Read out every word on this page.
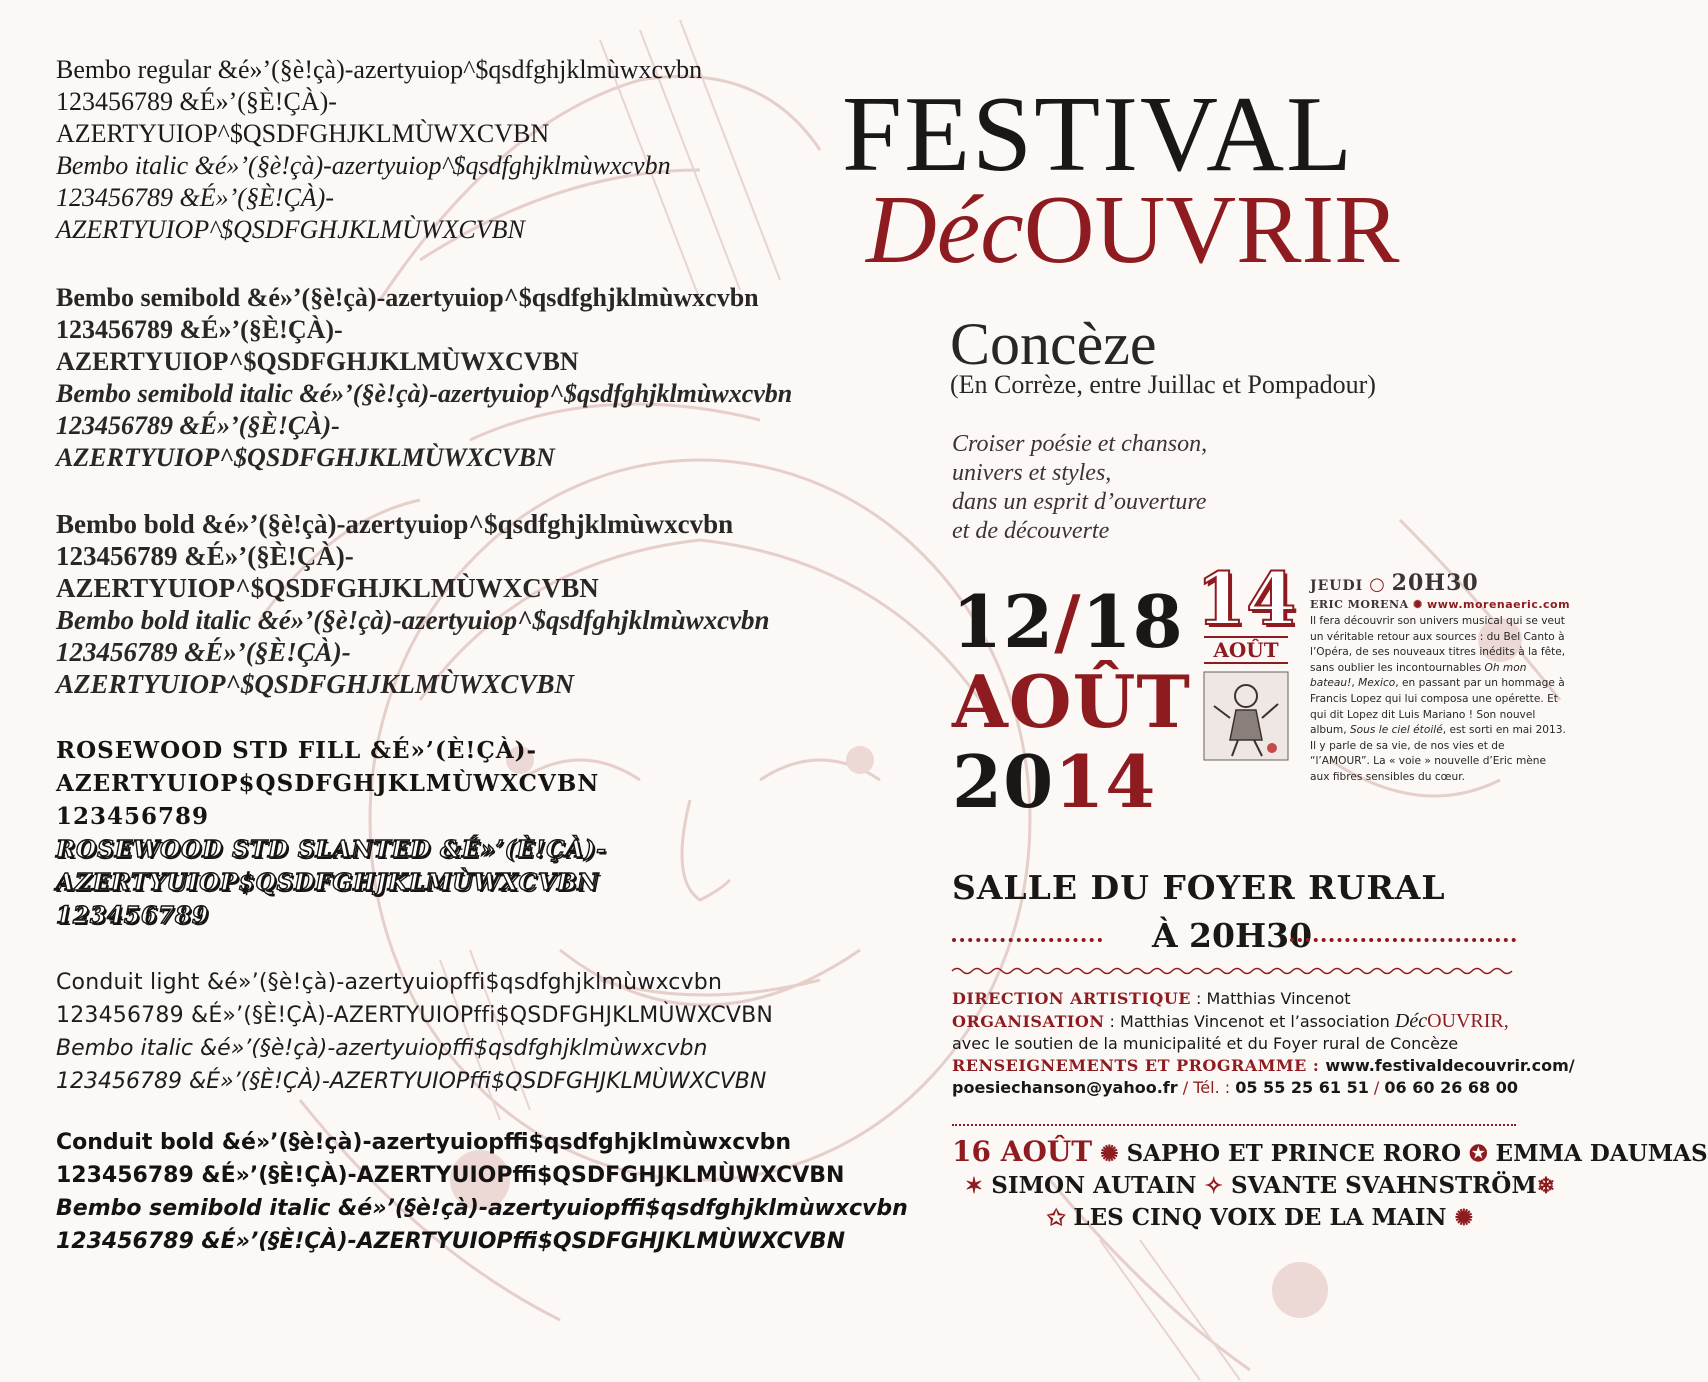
Bembo regular &é»’(§è!çà)-azertyuiop^$qsdfghjklmùwxcvbn
123456789 &É»’(§È!ÇÀ)-
AZERTYUIOP^$QSDFGHJKLMÙWXCVBN
Bembo italic &é»’(§è!çà)-azertyuiop^$qsdfghjklmùwxcvbn
123456789 &É»’(§È!ÇÀ)-
AZERTYUIOP^$QSDFGHJKLMÙWXCVBN
Bembo semibold &é»’(§è!çà)-azertyuiop^$qsdfghjklmùwxcvbn
123456789 &É»’(§È!ÇÀ)-
AZERTYUIOP^$QSDFGHJKLMÙWXCVBN
Bembo semibold italic &é»’(§è!çà)-azertyuiop^$qsdfghjklmùwxcvbn
123456789 &É»’(§È!ÇÀ)-
AZERTYUIOP^$QSDFGHJKLMÙWXCVBN
Bembo bold &é»’(§è!çà)-azertyuiop^$qsdfghjklmùwxcvbn
123456789 &É»’(§È!ÇÀ)-
AZERTYUIOP^$QSDFGHJKLMÙWXCVBN
Bembo bold italic &é»’(§è!çà)-azertyuiop^$qsdfghjklmùwxcvbn
123456789 &É»’(§È!ÇÀ)-
AZERTYUIOP^$QSDFGHJKLMÙWXCVBN
ROSEWOOD STD FILL &É»’(È!ÇÀ)-
AZERTYUIOP$QSDFGHJKLMÙWXCVBN
123456789
ROSEWOOD STD SLANTED &É»’(È!ÇÀ)-
AZERTYUIOP$QSDFGHJKLMÙWXCVBN
123456789
Conduit light &é»’(§è!çà)-azertyuiopffi$qsdfghjklmùwxcvbn
123456789 &É»’(§È!ÇÀ)-AZERTYUIOPffi$QSDFGHJKLMÙWXCVBN
Bembo italic &é»’(§è!çà)-azertyuiopffi$qsdfghjklmùwxcvbn
123456789 &É»’(§È!ÇÀ)-AZERTYUIOPffi$QSDFGHJKLMÙWXCVBN
Conduit bold &é»’(§è!çà)-azertyuiopffi$qsdfghjklmùwxcvbn
123456789 &É»’(§È!ÇÀ)-AZERTYUIOPffi$QSDFGHJKLMÙWXCVBN
Bembo semibold italic &é»’(§è!çà)-azertyuiopffi$qsdfghjklmùwxcvbn
123456789 &É»’(§È!ÇÀ)-AZERTYUIOPffi$QSDFGHJKLMÙWXCVBN
FESTIVAL
DécOUVRIR
Concèze
(En Corrèze, entre Juillac et Pompadour)
Croiser poésie et chanson,
univers et styles,
dans un esprit d’ouverture
et de découverte
12/18
AOÛT
2014
14
AOÛT
JEUDI ○ 20H30
ERIC MORENA ✺ www.morenaeric.com
Il fera découvrir son univers musical qui se veut un véritable retour aux sources : du Bel Canto à l’Opéra, de ses nouveaux titres inédits à la fête, sans oublier les incontournables Oh mon bateau!, Mexico, en passant par un hommage à Francis Lopez qui lui composa une opérette. Et qui dit Lopez dit Luis Mariano ! Son nouvel album, Sous le ciel étoilé, est sorti en mai 2013. Il y parle de sa vie, de nos vies et de “l’AMOUR”. La « voie » nouvelle d’Eric mène aux fibres sensibles du cœur.
SALLE DU FOYER RURAL
À 20H30
DIRECTION ARTISTIQUE : Matthias Vincenot
ORGANISATION : Matthias Vincenot et l’association DécOUVRIR,
avec le soutien de la municipalité et du Foyer rural de Concèze
RENSEIGNEMENTS ET PROGRAMME : www.festivaldecouvrir.com/
poesiechanson@yahoo.fr / Tél. : 05 55 25 61 51 / 06 60 26 68 00
16 AOÛT ✺ SAPHO ET PRINCE RORO ✪ EMMA DAUMAS
✶ SIMON AUTAIN ✧ SVANTE SVAHNSTRÖM❄
✩ LES CINQ VOIX DE LA MAIN ✺
